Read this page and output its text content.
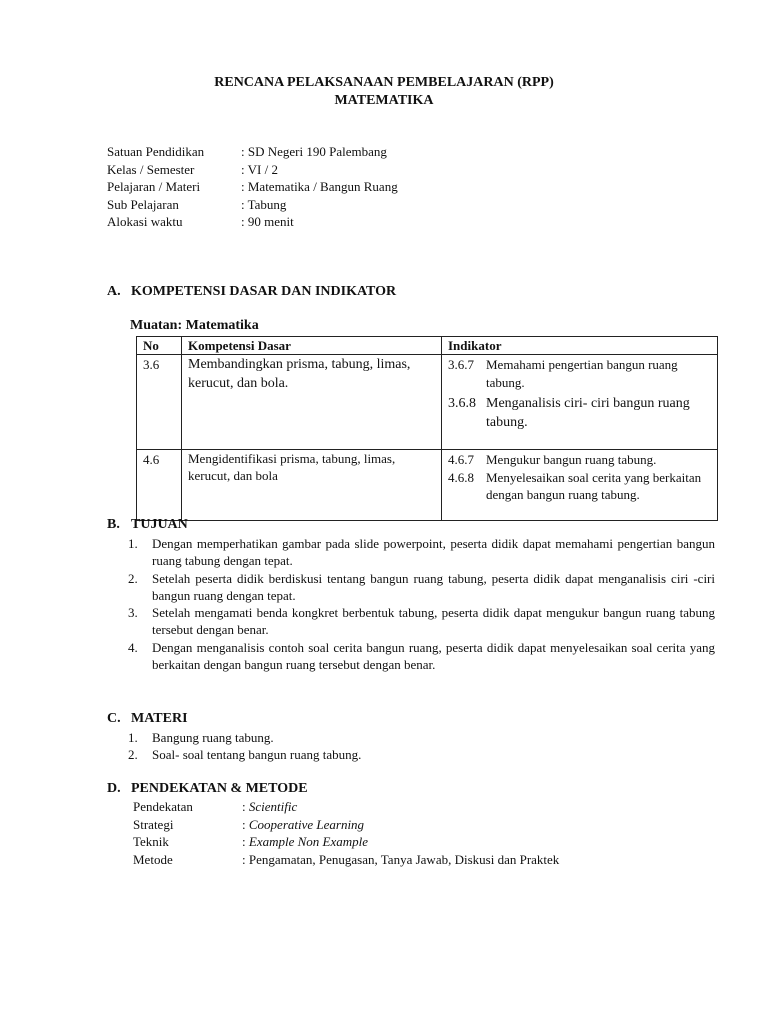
RENCANA PELAKSANAAN PEMBELAJARAN (RPP)
MATEMATIKA
Satuan Pendidikan	: SD Negeri 190 Palembang
Kelas / Semester	: VI / 2
Pelajaran / Materi	: Matematika / Bangun Ruang
Sub Pelajaran	: Tabung
Alokasi waktu	: 90 menit
A. KOMPETENSI DASAR DAN INDIKATOR
Muatan: Matematika
No	Kompetensi Dasar	Indikator
3.6	Membandingkan prisma, tabung, limas, kerucut, dan bola.	3.6.7 Memahami pengertian bangun ruang tabung.
3.6.8 Menganalisis ciri- ciri bangun ruang tabung.

4.6	Mengidentifikasi prisma, tabung, limas, kerucut, dan bola	4.6.7 Mengukur bangun ruang tabung.
4.6.8 Menyelesaikan soal cerita yang berkaitan dengan bangun ruang tabung.
B. TUJUAN
1. Dengan memperhatikan gambar pada slide powerpoint, peserta didik dapat memahami pengertian bangun ruang tabung dengan tepat.
2. Setelah peserta didik berdiskusi tentang bangun ruang tabung, peserta didik dapat menganalisis ciri -ciri bangun ruang dengan tepat.
3. Setelah mengamati benda kongkret berbentuk tabung, peserta didik dapat mengukur bangun ruang tabung tersebut dengan benar.
4. Dengan menganalisis contoh soal cerita bangun ruang, peserta didik dapat menyelesaikan soal cerita yang berkaitan dengan bangun ruang tersebut dengan benar.
C. MATERI
1. Bangung ruang tabung.
2. Soal- soal tentang bangun ruang tabung.
D. PENDEKATAN & METODE
Pendekatan	: Scientific
Strategi	: Cooperative Learning
Teknik	: Example Non Example
Metode	: Pengamatan, Penugasan, Tanya Jawab, Diskusi dan Praktek
